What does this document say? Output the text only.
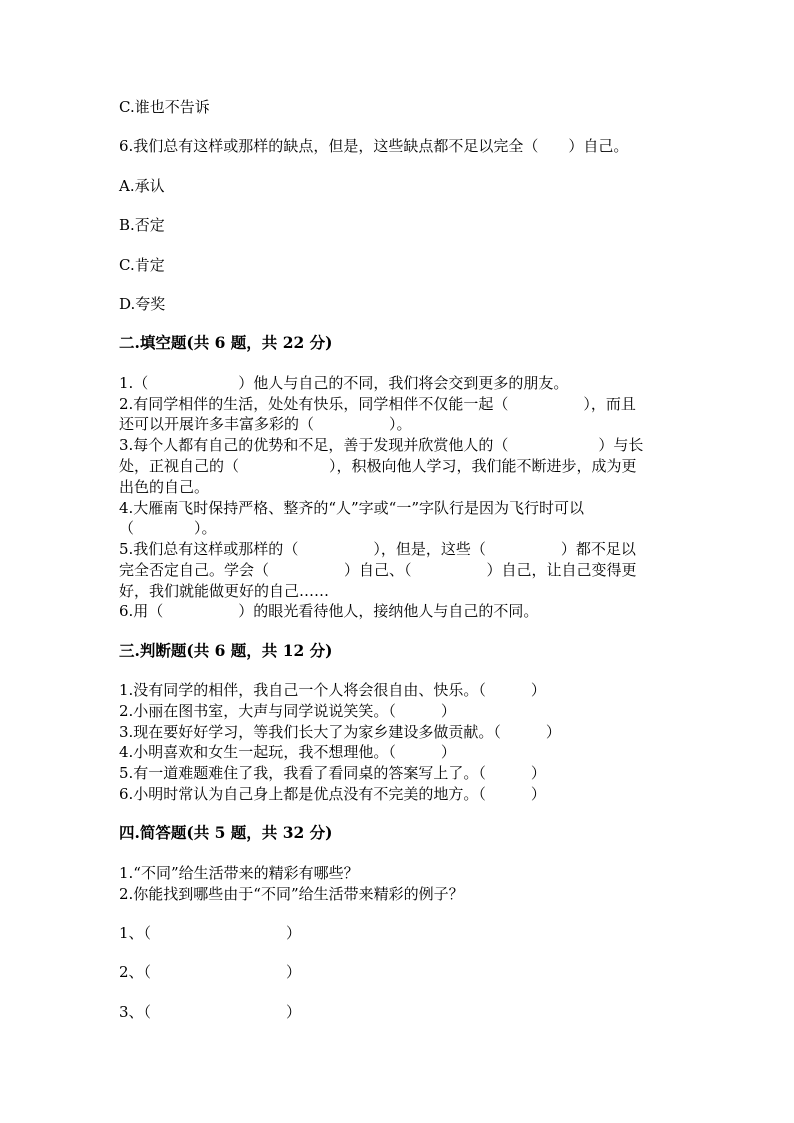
C.谁也不告诉
6.我们总有这样或那样的缺点，但是，这些缺点都不足以完全（　　）自己。
A.承认
B.否定
C.肯定
D.夸奖
二.填空题(共 6 题，共 22 分)
1.（　　　　　　）他人与自己的不同，我们将会交到更多的朋友。
2.有同学相伴的生活，处处有快乐，同学相伴不仅能一起（　　　　　），而且
还可以开展许多丰富多彩的（　　　　　）。
3.每个人都有自己的优势和不足，善于发现并欣赏他人的（　　　　　　）与长
处，正视自己的（　　　　　　），积极向他人学习，我们能不断进步，成为更
出色的自己。
4.大雁南飞时保持严格、整齐的“人”字或“一”字队行是因为飞行时可以
（　　　　）。
5.我们总有这样或那样的（　　　　　），但是，这些（　　　　　）都不足以
完全否定自己。学会（　　　　　）自己、（　　　　　）自己，让自己变得更
好，我们就能做更好的自己……
6.用（　　　　　）的眼光看待他人，接纳他人与自己的不同。
三.判断题(共 6 题，共 12 分)
1.没有同学的相伴，我自己一个人将会很自由、快乐。（　　　）
2.小丽在图书室，大声与同学说说笑笑。（　　　）
3.现在要好好学习，等我们长大了为家乡建设多做贡献。（　　　）
4.小明喜欢和女生一起玩，我不想理他。（　　　）
5.有一道难题难住了我，我看了看同桌的答案写上了。（　　　）
6.小明时常认为自己身上都是优点没有不完美的地方。（　　　）
四.简答题(共 5 题，共 32 分)
1.“不同”给生活带来的精彩有哪些？
2.你能找到哪些由于“不同”给生活带来精彩的例子？
1、（　　　　　　　　　）
2、（　　　　　　　　　）
3、（　　　　　　　　　）
